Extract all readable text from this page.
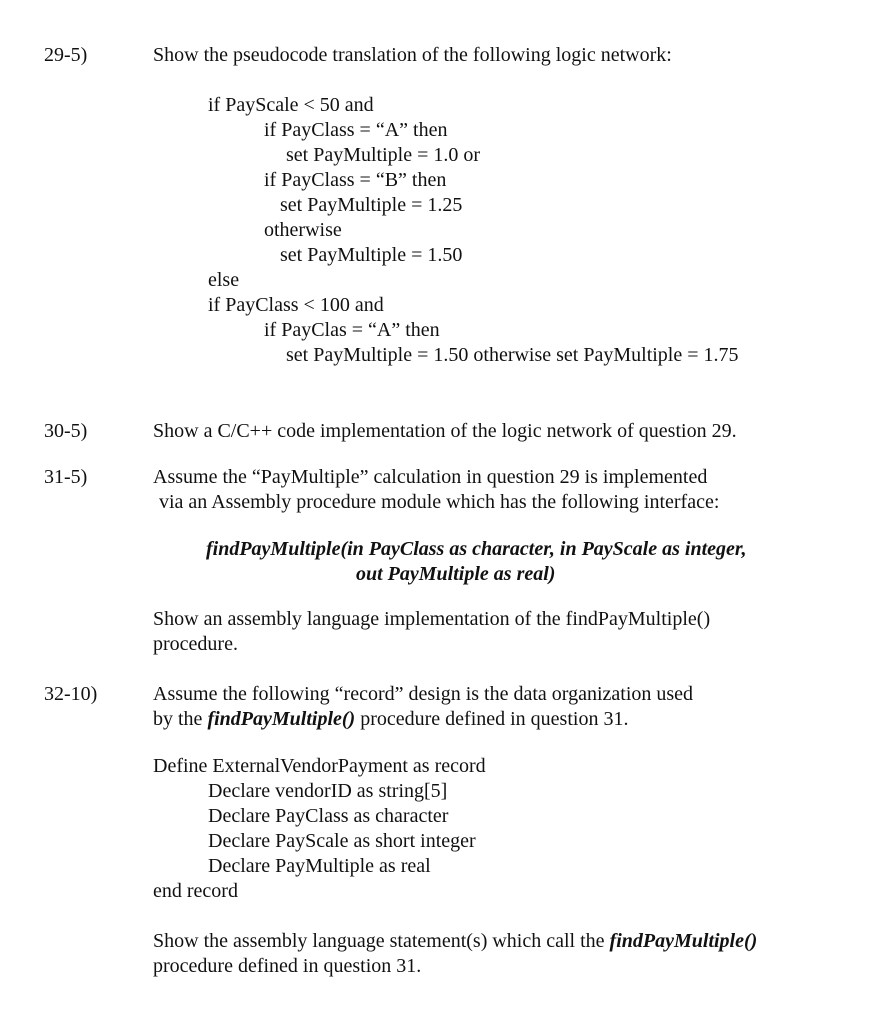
29-5)	Show the pseudocode translation of the following logic network:
if PayScale < 50 and
if PayClass = “A” then
set PayMultiple = 1.0 or
if PayClass = “B” then
set PayMultiple = 1.25
otherwise
set PayMultiple = 1.50
else
if PayClass < 100 and
if PayClas = “A” then
set PayMultiple = 1.50 otherwise set PayMultiple = 1.75
30-5)	Show a C/C++ code implementation of the logic network of question 29.
31-5)	Assume the “PayMultiple” calculation in question 29 is implemented
via an Assembly procedure module which has the following interface:
findPayMultiple(in PayClass as character, in PayScale as integer,
out PayMultiple as real)
Show an assembly language implementation of the findPayMultiple()
procedure.
32-10)	Assume the following “record” design is the data organization used
by the findPayMultiple() procedure defined in question 31.
Define ExternalVendorPayment as record
Declare vendorID as string[5]
Declare PayClass as character
Declare PayScale as short integer
Declare PayMultiple as real
end record
Show the assembly language statement(s) which call the findPayMultiple()
procedure defined in question 31.
